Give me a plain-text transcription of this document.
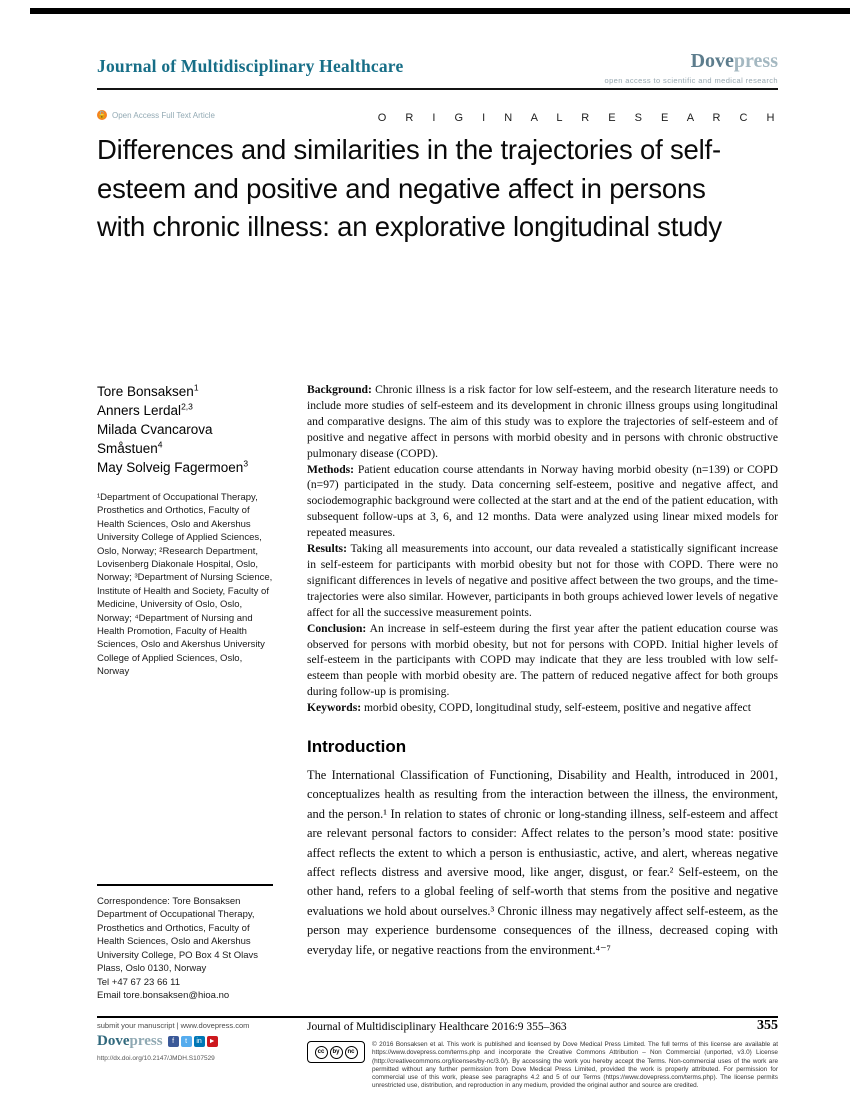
Journal of Multidisciplinary Healthcare	Dovepress
open access to scientific and medical research
🔓 Open Access Full Text Article	O R I G I N A L R E S E A R C H
Differences and similarities in the trajectories of self-esteem and positive and negative affect in persons with chronic illness: an explorative longitudinal study
Tore Bonsaksen$^1$
Anners Lerdal$^{2,3}$
Milada Cvancarova Småstuen$^4$
May Solveig Fagermoen$^3$
¹Department of Occupational Therapy, Prosthetics and Orthotics, Faculty of Health Sciences, Oslo and Akershus University College of Applied Sciences, Oslo, Norway; ²Research Department, Lovisenberg Diakonale Hospital, Oslo, Norway; ³Department of Nursing Science, Institute of Health and Society, Faculty of Medicine, University of Oslo, Oslo, Norway; ⁴Department of Nursing and Health Promotion, Faculty of Health Sciences, Oslo and Akershus University College of Applied Sciences, Oslo, Norway

Background: Chronic illness is a risk factor for low self-esteem, and the research literature needs to include more studies of self-esteem and its development in chronic illness groups using longitudinal and comparative designs. The aim of this study was to explore the trajectories of self-esteem and of positive and negative affect in persons with morbid obesity and in persons with chronic obstructive pulmonary disease (COPD).

Methods: Patient education course attendants in Norway having morbid obesity (n=139) or COPD (n=97) participated in the study. Data concerning self-esteem, positive and negative affect, and sociodemographic background were collected at the start and at the end of the patient education, with subsequent follow-ups at 3, 6, and 12 months. Data were analyzed using linear mixed models for repeated measures.

Results: Taking all measurements into account, our data revealed a statistically significant increase in self-esteem for participants with morbid obesity but not for those with COPD. There were no significant differences in levels of negative and positive affect between the two groups, and the time-trajectories were also similar. However, participants in both groups achieved lower levels of negative affect for all the successive measurement points.

Conclusion: An increase in self-esteem during the first year after the patient education course was observed for persons with morbid obesity, but not for persons with COPD. Initial higher levels of self-esteem in the participants with COPD may indicate that they are less troubled with low self-esteem than people with morbid obesity are. The pattern of reduced negative affect for both groups during follow-up is promising.

Keywords: morbid obesity, COPD, longitudinal study, self-esteem, positive and negative affect

Introduction

The International Classification of Functioning, Disability and Health, introduced in 2001, conceptualizes health as resulting from the interaction between the illness, the environment, and the person.¹ In relation to states of chronic or long-standing illness, self-esteem and affect are relevant personal factors to consider: Affect relates to the person’s mood state: positive affect reflects the extent to which a person is enthusiastic, active, and alert, whereas negative affect reflects distress and aversive mood, like anger, disgust, or fear.² Self-esteem, on the other hand, refers to a global feeling of self-worth that stems from the positive and negative evaluations we hold about ourselves.³ Chronic illness may negatively affect self-esteem, as the person may experience burdensome consequences of the illness, decreased coping with everyday life, or negative reactions from the environment.⁴⁻⁷

Correspondence: Tore Bonsaksen
Department of Occupational Therapy, Prosthetics and Orthotics, Faculty of Health Sciences, Oslo and Akershus University College, PO Box 4 St Olavs Plass, Oslo 0130, Norway
Tel +47 67 23 66 11
Email tore.bonsaksen@hioa.no
submit your manuscript | www.dovepress.com
Dovepress	f	t	in ►
http://dx.doi.org/10.2147/JMDH.S107529
Journal of Multidisciplinary Healthcare 2016:9 355–363	355
cc	by	nc
© 2016 Bonsaksen et al. This work is published and licensed by Dove Medical Press Limited. The full terms of this license are available at https://www.dovepress.com/terms.php and incorporate the Creative Commons Attribution – Non Commercial (unported, v3.0) License (http://creativecommons.org/licenses/by-nc/3.0/). By accessing the work you hereby accept the Terms. Non-commercial uses of the work are permitted without any further permission from Dove Medical Press Limited, provided the work is properly attributed. For permission for commercial use of this work, please see paragraphs 4.2 and 5 of our Terms (https://www.dovepress.com/terms.php). The license permits unrestricted use, distribution, and reproduction in any medium, provided the original author and source are credited.
